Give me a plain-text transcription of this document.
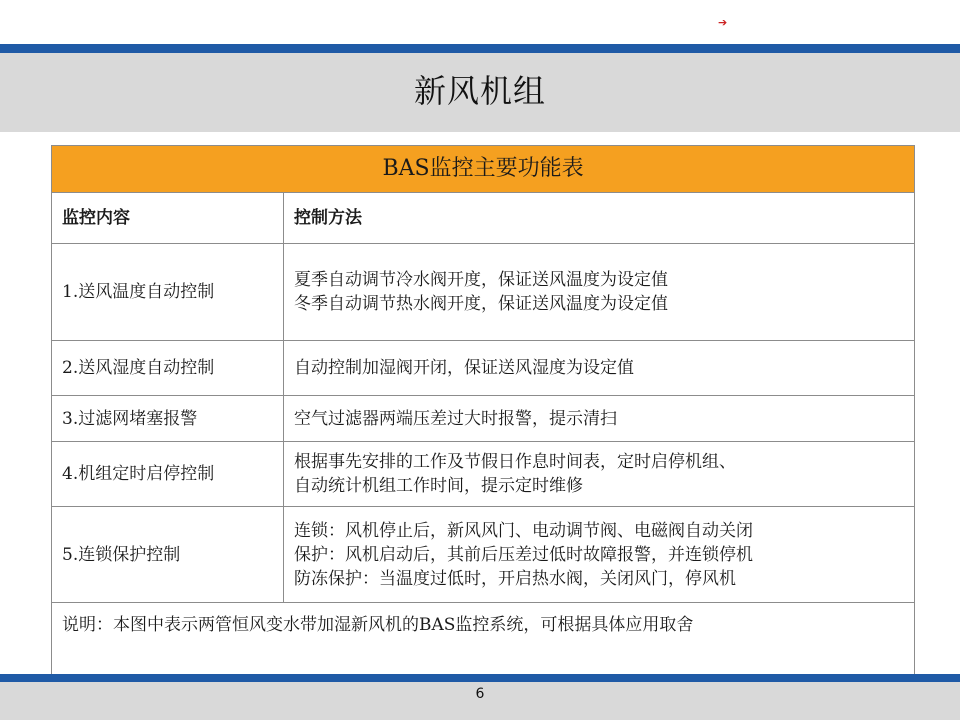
➔
新风机组
BAS监控主要功能表	
监控内容	控制方法
1.送风温度自动控制	夏季自动调节冷水阀开度，保证送风温度为设定值
冬季自动调节热水阀开度，保证送风温度为设定值

2.送风湿度自动控制	自动控制加湿阀开闭，保证送风湿度为设定值

3.过滤网堵塞报警	空气过滤器两端压差过大时报警，提示清扫

4.机组定时启停控制	根据事先安排的工作及节假日作息时间表，定时启停机组、
自动统计机组工作时间，提示定时维修

5.连锁保护控制	连锁：风机停止后，新风风门、电动调节阀、电磁阀自动关闭
保护：风机启动后，其前后压差过低时故障报警，并连锁停机
防冻保护：当温度过低时，开启热水阀，关闭风门，停风机

说明：本图中表示两管恒风变水带加湿新风机的BAS监控系统，可根据具体应用取舍	
6
